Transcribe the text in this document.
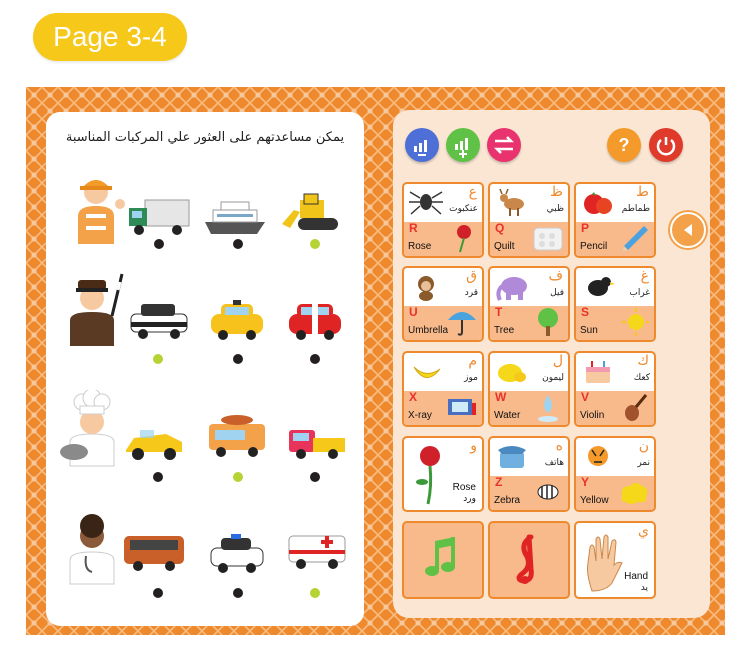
Page 3-4
يمكن مساعدتهم على العثور علي المركبات المناسبة	?
ط
طماطم
P
Pencil
ظ
ظبي
Q
Quilt
ع
عنكبوت
R
Rose
غ
غراب
S
Sun
ف
فيل
T
Tree
ق
قرد
U
Umbrella
ك
كعك
V
Violin
ل
ليمون
W
Water
م
موز
X
X-ray
ن
نمر
Y
Yellow
ه
هاتف
Z
Zebra
و
Rose
ورد
ي
Hand
يد
